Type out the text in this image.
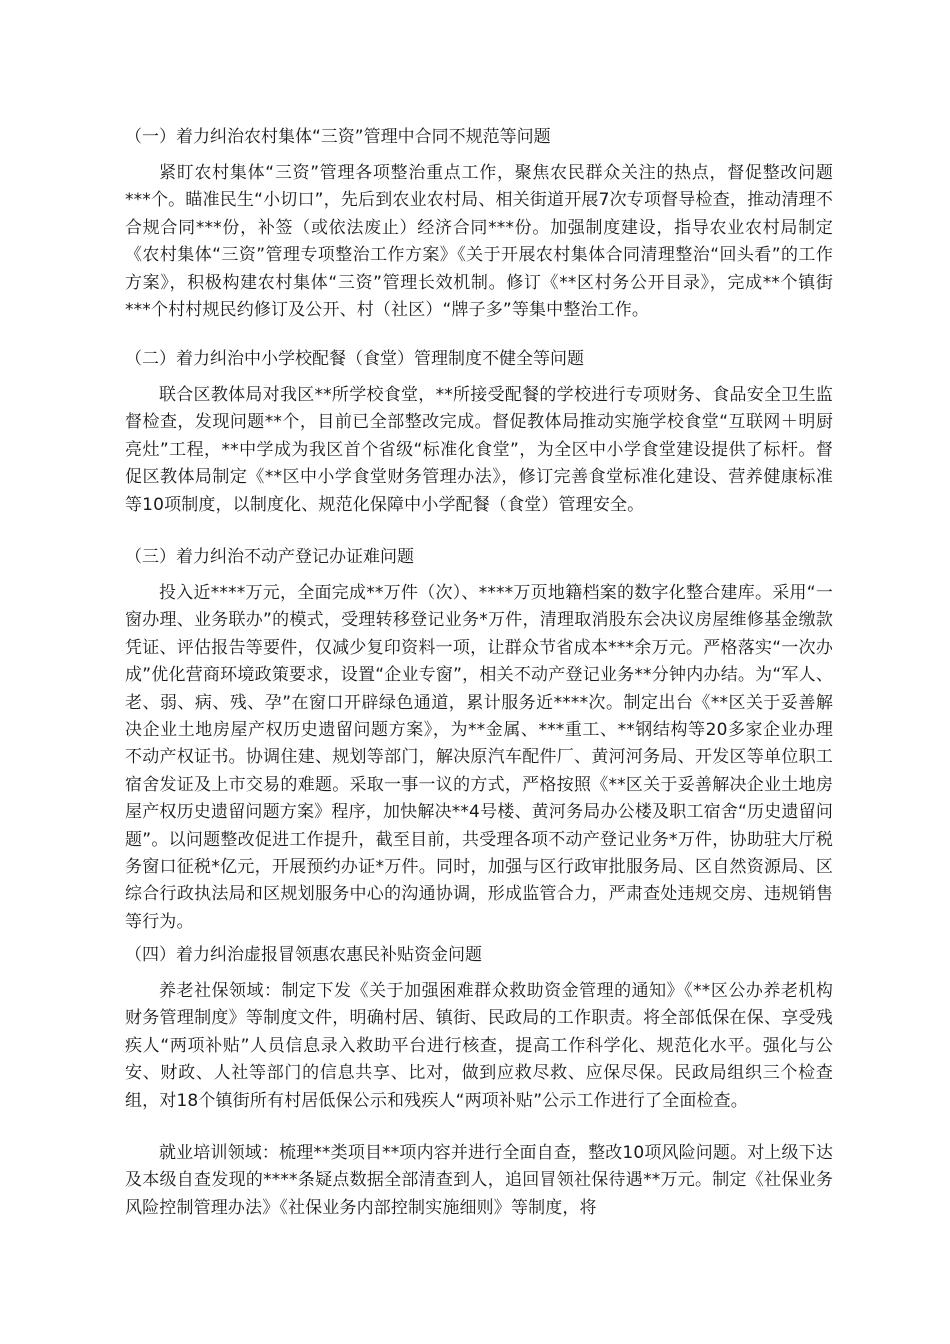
（一）着力纠治农村集体“三资”管理中合同不规范等问题

紧盯农村集体“三资”管理各项整治重点工作，聚焦农民群众关注的热点，督促整改问题***个。瞄准民生“小切口”，先后到农业农村局、相关街道开展7次专项督导检查，推动清理不合规合同***份，补签（或依法废止）经济合同***份。加强制度建设，指导农业农村局制定《农村集体“三资”管理专项整治工作方案》《关于开展农村集体合同清理整治“回头看”的工作方案》，积极构建农村集体“三资”管理长效机制。修订《**区村务公开目录》，完成**个镇街***个村村规民约修订及公开、村（社区）“牌子多”等集中整治工作。

（二）着力纠治中小学校配餐（食堂）管理制度不健全等问题

联合区教体局对我区**所学校食堂，**所接受配餐的学校进行专项财务、食品安全卫生监督检查，发现问题**个，目前已全部整改完成。督促教体局推动实施学校食堂“互联网＋明厨亮灶”工程，**中学成为我区首个省级“标准化食堂”，为全区中小学食堂建设提供了标杆。督促区教体局制定《**区中小学食堂财务管理办法》，修订完善食堂标准化建设、营养健康标准等10项制度，以制度化、规范化保障中小学配餐（食堂）管理安全。

（三）着力纠治不动产登记办证难问题

投入近****万元，全面完成**万件（次）、****万页地籍档案的数字化整合建库。采用“一窗办理、业务联办”的模式，受理转移登记业务*万件，清理取消股东会决议房屋维修基金缴款凭证、评估报告等要件，仅减少复印资料一项，让群众节省成本***余万元。严格落实“一次办成”优化营商环境政策要求，设置“企业专窗”，相关不动产登记业务**分钟内办结。为“军人、老、弱、病、残、孕”在窗口开辟绿色通道，累计服务近****次。制定出台《**区关于妥善解决企业土地房屋产权历史遗留问题方案》，为**金属、***重工、**钢结构等20多家企业办理不动产权证书。协调住建、规划等部门，解决原汽车配件厂、黄河河务局、开发区等单位职工宿舍发证及上市交易的难题。采取一事一议的方式，严格按照《**区关于妥善解决企业土地房屋产权历史遗留问题方案》程序，加快解决**4号楼、黄河务局办公楼及职工宿舍“历史遗留问题”。以问题整改促进工作提升，截至目前，共受理各项不动产登记业务*万件，协助驻大厅税务窗口征税*亿元，开展预约办证*万件。同时，加强与区行政审批服务局、区自然资源局、区综合行政执法局和区规划服务中心的沟通协调，形成监管合力，严肃查处违规交房、违规销售等行为。

（四）着力纠治虚报冒领惠农惠民补贴资金问题

养老社保领域：制定下发《关于加强困难群众救助资金管理的通知》《**区公办养老机构财务管理制度》等制度文件，明确村居、镇街、民政局的工作职责。将全部低保在保、享受残疾人“两项补贴”人员信息录入救助平台进行核查，提高工作科学化、规范化水平。强化与公安、财政、人社等部门的信息共享、比对，做到应救尽救、应保尽保。民政局组织三个检查组，对18个镇街所有村居低保公示和残疾人“两项补贴”公示工作进行了全面检查。

就业培训领域：梳理**类项目**项内容并进行全面自查，整改10项风险问题。对上级下达及本级自查发现的****条疑点数据全部清查到人，追回冒领社保待遇**万元。制定《社保业务风险控制管理办法》《社保业务内部控制实施细则》等制度，将
